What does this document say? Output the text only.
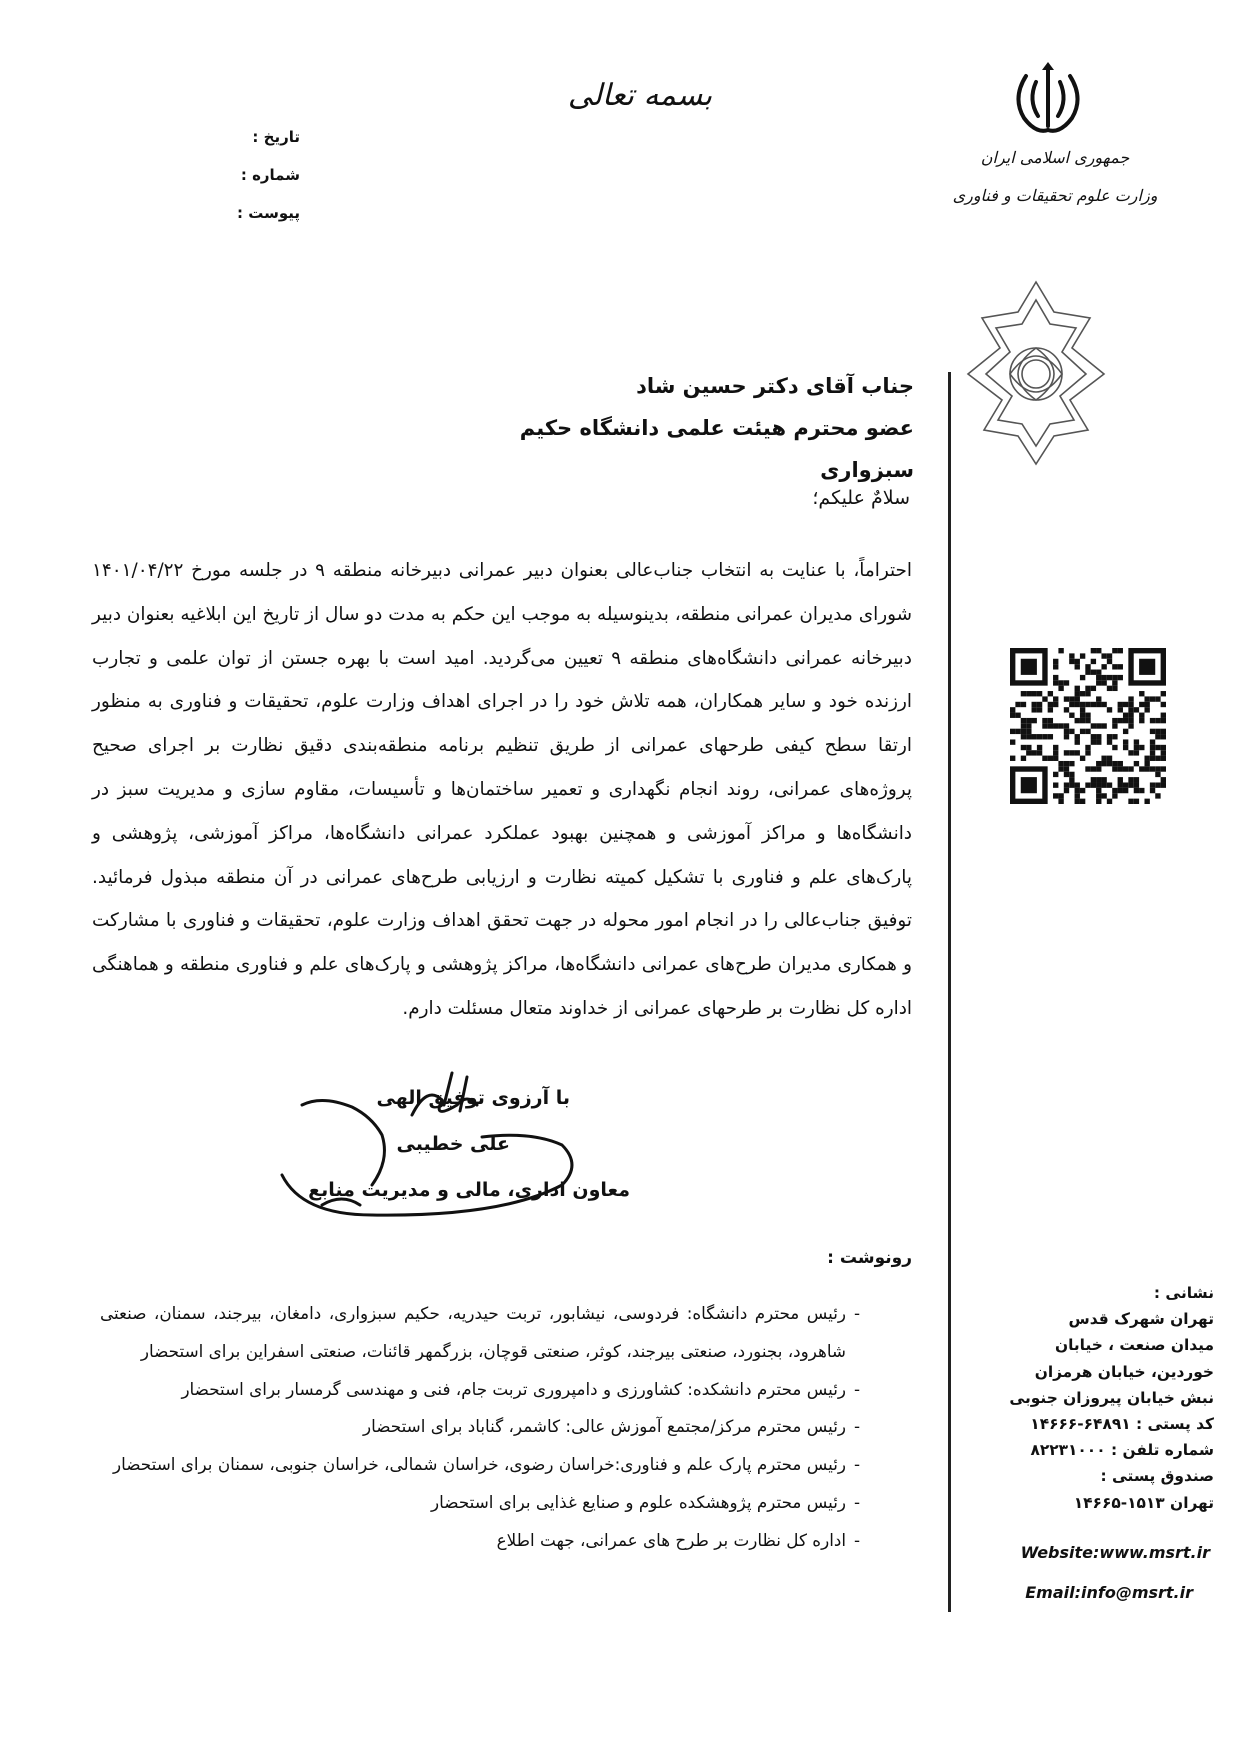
بسمه تعالی
تاریخ :
شماره :
پیوست :
جمهوری اسلامی ایران
وزارت علوم تحقیقات و فناوری
جناب آقای دکتر حسین شاد
عضو محترم هیئت علمی دانشگاه حکیم سبزواری
سلامٌ علیکم؛
احتراماً، با عنایت به انتخاب جناب‌عالی بعنوان دبیر عمرانی دبیرخانه منطقه ۹ در جلسه مورخ ۱۴۰۱/۰۴/۲۲ شورای مدیران عمرانی منطقه، بدینوسیله به موجب این حکم به مدت دو سال از تاریخ این ابلاغیه بعنوان دبیر دبیرخانه عمرانی دانشگاه‌های منطقه ۹ تعیین می‌گردید. امید است با بهره جستن از توان علمی و تجارب ارزنده خود و سایر همکاران، همه تلاش خود را در اجرای اهداف وزارت علوم، تحقیقات و فناوری به منظور ارتقا سطح کیفی طرحهای عمرانی از طریق تنظیم برنامه منطقه‌بندی دقیق نظارت بر اجرای صحیح پروژه‌های عمرانی، روند انجام نگهداری و تعمیر ساختمان‌ها و تأسیسات، مقاوم سازی و مدیریت سبز در دانشگاه‌ها و مراکز آموزشی و همچنین بهبود عملکرد عمرانی دانشگاه‌ها، مراکز آموزشی، پژوهشی و پارک‌های علم و فناوری با تشکیل کمیته نظارت و ارزیابی طرح‌های عمرانی در آن منطقه مبذول فرمائید. توفیق جناب‌عالی را در انجام امور محوله در جهت تحقق اهداف وزارت علوم، تحقیقات و فناوری با مشارکت و همکاری مدیران طرح‌های عمرانی دانشگاه‌ها، مراکز پژوهشی و پارک‌های علم و فناوری منطقه و هماهنگی اداره کل نظارت بر طرحهای عمرانی از خداوند متعال مسئلت دارم.
با آرزوی توفیق الهی
علی خطیبی
معاون اداری، مالی و مدیریت منابع
رونوشت :
- رئیس محترم دانشگاه: فردوسی، نیشابور، تربت حیدریه، حکیم سبزواری، دامغان، بیرجند، سمنان، صنعتی شاهرود، بجنورد، صنعتی بیرجند، کوثر، صنعتی قوچان، بزرگمهر قائنات، صنعتی اسفراین برای استحضار
- رئیس محترم دانشکده: کشاورزی و دامپروری تربت جام، فنی و مهندسی گرمسار برای استحضار
- رئیس محترم مرکز/مجتمع آموزش عالی: کاشمر، گناباد برای استحضار
- رئیس محترم پارک علم و فناوری:خراسان رضوی، خراسان شمالی، خراسان جنوبی، سمنان برای استحضار
- رئیس محترم پژوهشکده علوم و صنایع غذایی برای استحضار
- اداره کل نظارت بر طرح های عمرانی، جهت اطلاع
نشانی :
تهران شهرک قدس
میدان صنعت ، خیابان
خوردین، خیابان هرمزان
نبش خیابان پیروزان جنوبی
کد پستی : ۶۴۸۹۱-۱۴۶۶۶
شماره تلفن : ۸۲۲۳۱۰۰۰
صندوق پستی :
تهران ۱۵۱۳-۱۴۶۶۵
Website:www.msrt.ir
Email:info@msrt.ir
